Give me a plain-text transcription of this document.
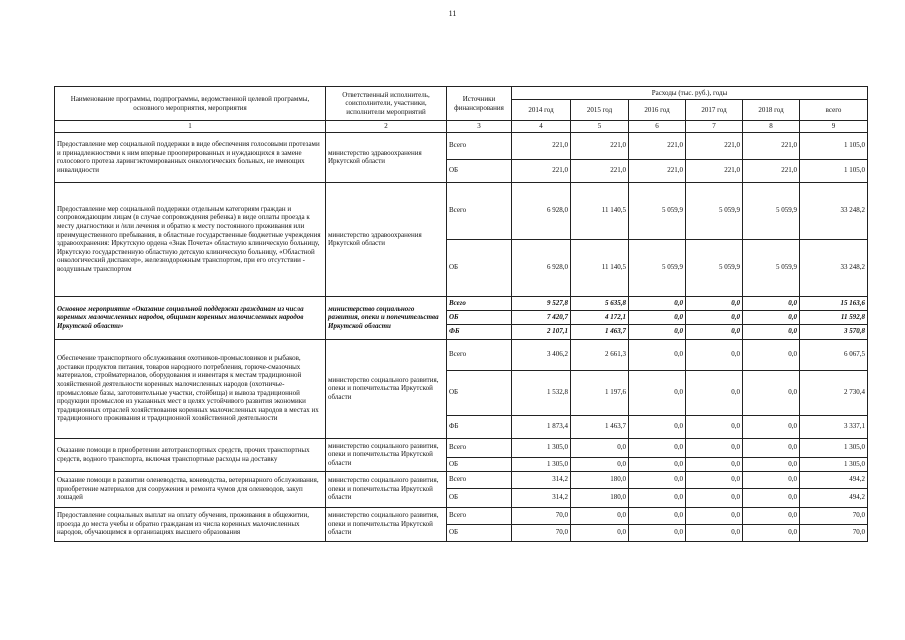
11
Наименование программы, подпрограммы, ведомственной целевой программы, основного мероприятия, мероприятия	Ответственный исполнитель, соисполнители, участники, исполнители мероприятий	Источники финансирования	Расходы (тыс. руб.), годы					
			2014 год	2015 год	2016 год	2017 год	2018 год	всего
1	2	3	4	5	6	7	8	9
Предоставление мер социальной поддержки в виде обеспечения голосовыми протезами и принадлежностями к ним впервые прооперированных и нуждающихся в замене голосового протеза ларингэктомированных онкологических больных, не имеющих инвалидности	министерство здравоохранения Иркутской области	Всего	221,0	221,0	221,0	221,0	221,0	1 105,0
		ОБ	221,0	221,0	221,0	221,0	221,0	1 105,0
Предоставление мер социальной поддержки отдельным категориям граждан и сопровождающим лицам (в случае сопровождения ребенка) в виде оплаты проезда к месту диагностики и /или лечения и обратно к месту постоянного проживания или преимущественного пребывания, в областные государственные бюджетные учреждения здравоохранения: Иркутскую ордена «Знак Почета» областную клиническую больницу, Иркутскую государственную областную детскую клиническую больницу, «Областной онкологический диспансер», железнодорожным транспортом, при его отсутствии - воздушным транспортом	министерство здравоохранения Иркутской области	Всего	6 928,0	11 140,5	5 059,9	5 059,9	5 059,9	33 248,2
		ОБ	6 928,0	11 140,5	5 059,9	5 059,9	5 059,9	33 248,2
Основное мероприятие «Оказание социальной поддержки гражданам из числа коренных малочисленных народов, общинам коренных малочисленных народов Иркутской области»	министерство социального развития, опеки и попечительства Иркутской области	Всего	9 527,8	5 635,8	0,0	0,0	0,0	15 163,6
		ОБ	7 420,7	4 172,1	0,0	0,0	0,0	11 592,8
		ФБ	2 107,1	1 463,7	0,0	0,0	0,0	3 570,8
Обеспечение транспортного обслуживания охотников-промысловиков и рыбаков, доставки продуктов питания, товаров народного потребления, горюче-смазочных материалов, стройматериалов, оборудования и инвентаря к местам традиционной хозяйственной деятельности коренных малочисленных народов (охотничье-промысловые базы, заготовительные участки, стойбища) и вывоза традиционной продукции промыслов из указанных мест в целях устойчивого развития экономики традиционных отраслей хозяйствования коренных малочисленных народов в местах их традиционного проживания и традиционной хозяйственной деятельности	министерство социального развития, опеки и попечительства Иркутской области	Всего	3 406,2	2 661,3	0,0	0,0	0,0	6 067,5
		ОБ	1 532,8	1 197,6	0,0	0,0	0,0	2 730,4
		ФБ	1 873,4	1 463,7	0,0	0,0	0,0	3 337,1
Оказание помощи в приобретении автотранспортных средств, прочих транспортных средств, водного транспорта, включая транспортные расходы на доставку	министерство социального развития, опеки и попечительства Иркутской области	Всего	1 305,0	0,0	0,0	0,0	0,0	1 305,0
		ОБ	1 305,0	0,0	0,0	0,0	0,0	1 305,0
Оказание помощи в развитии оленеводства, коневодства, ветеринарного обслуживания, приобретение материалов для сооружения и ремонта чумов для оленеводов, закуп лошадей	министерство социального развития, опеки и попечительства Иркутской области	Всего	314,2	180,0	0,0	0,0	0,0	494,2
		ОБ	314,2	180,0	0,0	0,0	0,0	494,2
Предоставление социальных выплат на оплату обучения, проживания в общежитии, проезда до места учебы и обратно гражданам из числа коренных малочисленных народов, обучающимся в организациях высшего образования	министерство социального развития, опеки и попечительства Иркутской области	Всего	70,0	0,0	0,0	0,0	0,0	70,0
		ОБ	70,0	0,0	0,0	0,0	0,0	70,0
